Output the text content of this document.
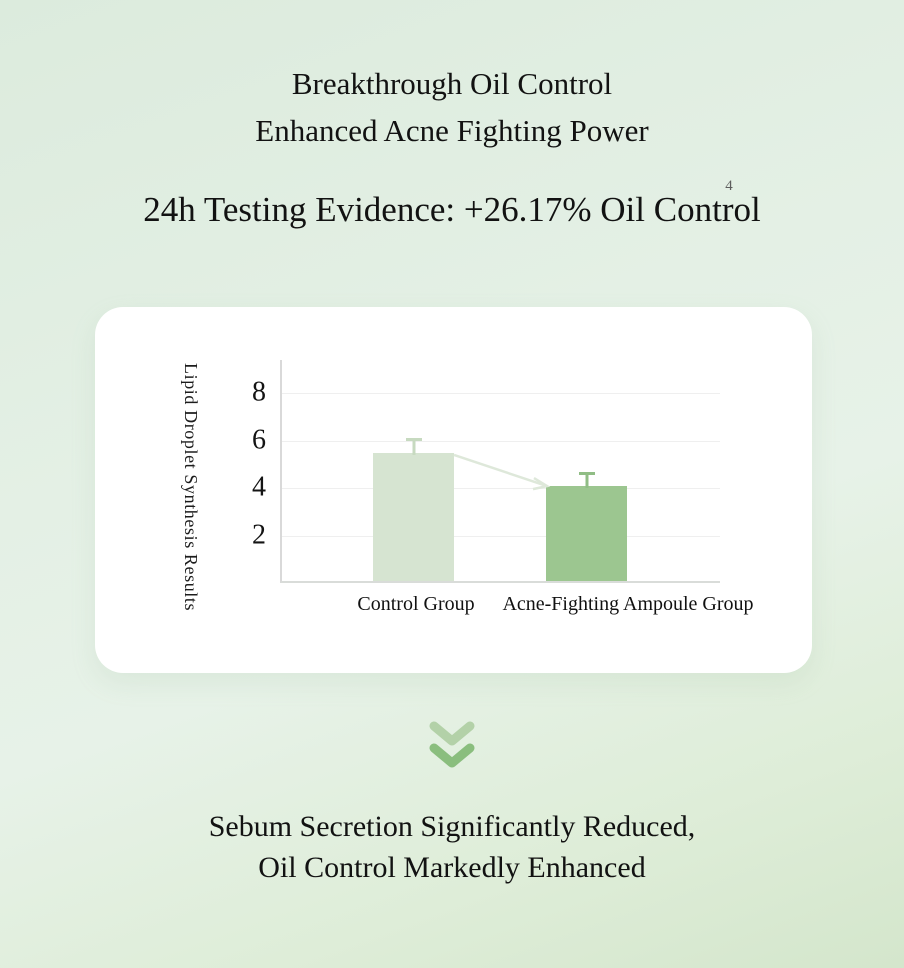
Breakthrough Oil Control
Enhanced Acne Fighting Power
24h Testing Evidence: +26.17% Oil Control
4
Lipid Droplet Synthesis Results 2
4
6
8
Control Group Acne-Fighting Ampoule Group
Sebum Secretion Significantly Reduced,
Oil Control Markedly Enhanced
